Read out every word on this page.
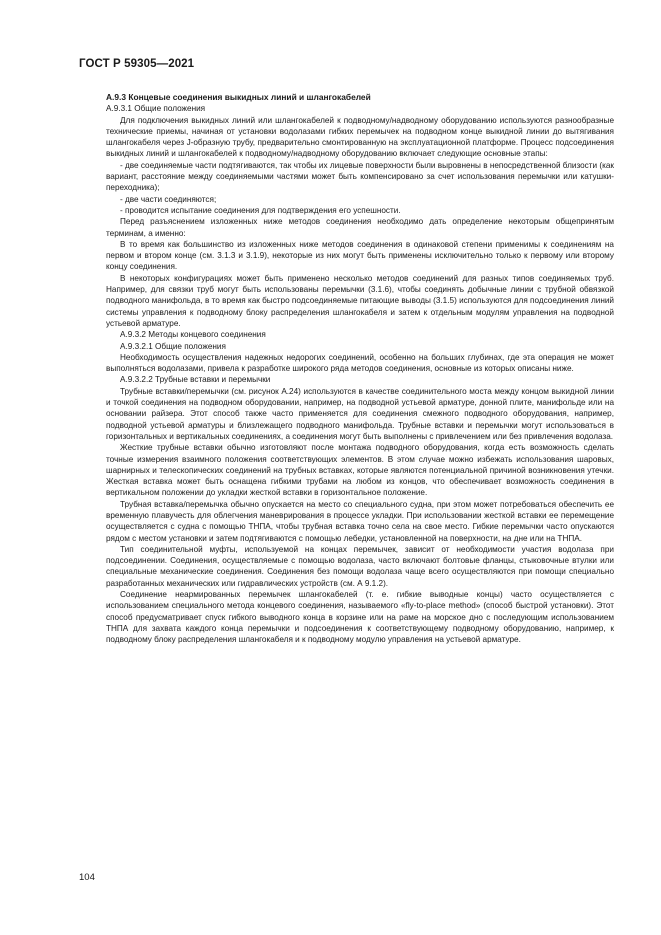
ГОСТ Р 59305—2021
А.9.3 Концевые соединения выкидных линий и шлангокабелей
А.9.3.1 Общие положения

Для подключения выкидных линий или шлангокабелей к подводному/надводному оборудованию используются разнообразные технические приемы, начиная от установки водолазами гибких перемычек на подводном конце выкидной линии до вытягивания шлангокабеля через J-образную трубу, предварительно смонтированную на эксплуатационной платформе. Процесс подсоединения выкидных линий и шлангокабелей к подводному/надводному оборудованию включает следующие основные этапы:

- две соединяемые части подтягиваются, так чтобы их лицевые поверхности были выровнены в непосредственной близости (как вариант, расстояние между соединяемыми частями может быть компенсировано за счет использования перемычки или катушки-переходника);

- две части соединяются;

- проводится испытание соединения для подтверждения его успешности.

Перед разъяснением изложенных ниже методов соединения необходимо дать определение некоторым общепринятым терминам, а именно:

В то время как большинство из изложенных ниже методов соединения в одинаковой степени применимы к соединениям на первом и втором конце (см. 3.1.3 и 3.1.9), некоторые из них могут быть применены исключительно только к первому или второму концу соединения.

В некоторых конфигурациях может быть применено несколько методов соединений для разных типов соединяемых труб. Например, для связки труб могут быть использованы перемычки (3.1.6), чтобы соединять добычные линии с трубной обвязкой подводного манифольда, в то время как быстро подсоединяемые питающие выводы (3.1.5) используются для подсоединения линий системы управления к подводному блоку распределения шлангокабеля и затем к отдельным модулям управления на подводной устьевой арматуре.

А.9.3.2 Методы концевого соединения
А.9.3.2.1 Общие положения

Необходимость осуществления надежных недорогих соединений, особенно на больших глубинах, где эта операция не может выполняться водолазами, привела к разработке широкого ряда методов соединения, основные из которых описаны ниже.

А.9.3.2.2 Трубные вставки и перемычки

Трубные вставки/перемычки (см. рисунок А.24) используются в качестве соединительного моста между концом выкидной линии и точкой соединения на подводном оборудовании, например, на подводной устьевой арматуре, донной плите, манифольде или на основании райзера. Этот способ также часто применяется для соединения смежного подводного оборудования, например, подводной устьевой арматуры и близлежащего подводного манифольда. Трубные вставки и перемычки могут использоваться в горизонтальных и вертикальных соединениях, а соединения могут быть выполнены с привлечением или без привлечения водолаза.

Жесткие трубные вставки обычно изготовляют после монтажа подводного оборудования, когда есть возможность сделать точные измерения взаимного положения соответствующих элементов. В этом случае можно избежать использования шаровых, шарнирных и телескопических соединений на трубных вставках, которые являются потенциальной причиной возникновения утечки. Жесткая вставка может быть оснащена гибкими трубами на любом из концов, что обеспечивает возможность соединения в вертикальном положении до укладки жесткой вставки в горизонтальное положение.

Трубная вставка/перемычка обычно опускается на место со специального судна, при этом может потребоваться обеспечить ее временную плавучесть для облегчения маневрирования в процессе укладки. При использовании жесткой вставки ее перемещение осуществляется с судна с помощью ТНПА, чтобы трубная вставка точно села на свое место. Гибкие перемычки часто опускаются рядом с местом установки и затем подтягиваются с помощью лебедки, установленной на поверхности, на дне или на ТНПА.

Тип соединительной муфты, используемой на концах перемычек, зависит от необходимости участия водолаза при подсоединении. Соединения, осуществляемые с помощью водолаза, часто включают болтовые фланцы, стыковочные втулки или специальные механические соединения. Соединения без помощи водолаза чаще всего осуществляются при помощи специально разработанных механических или гидравлических устройств (см. А 9.1.2).

Соединение неармированных перемычек шлангокабелей (т. е. гибкие выводные концы) часто осуществляется с использованием специального метода концевого соединения, называемого «fly-to-place method» (способ быстрой установки). Этот способ предусматривает спуск гибкого выводного конца в корзине или на раме на морское дно с последующим использованием ТНПА для захвата каждого конца перемычки и подсоединения к соответствующему подводному оборудованию, например, к подводному блоку распределения шлангокабеля и к подводному модулю управления на устьевой арматуре.

104
